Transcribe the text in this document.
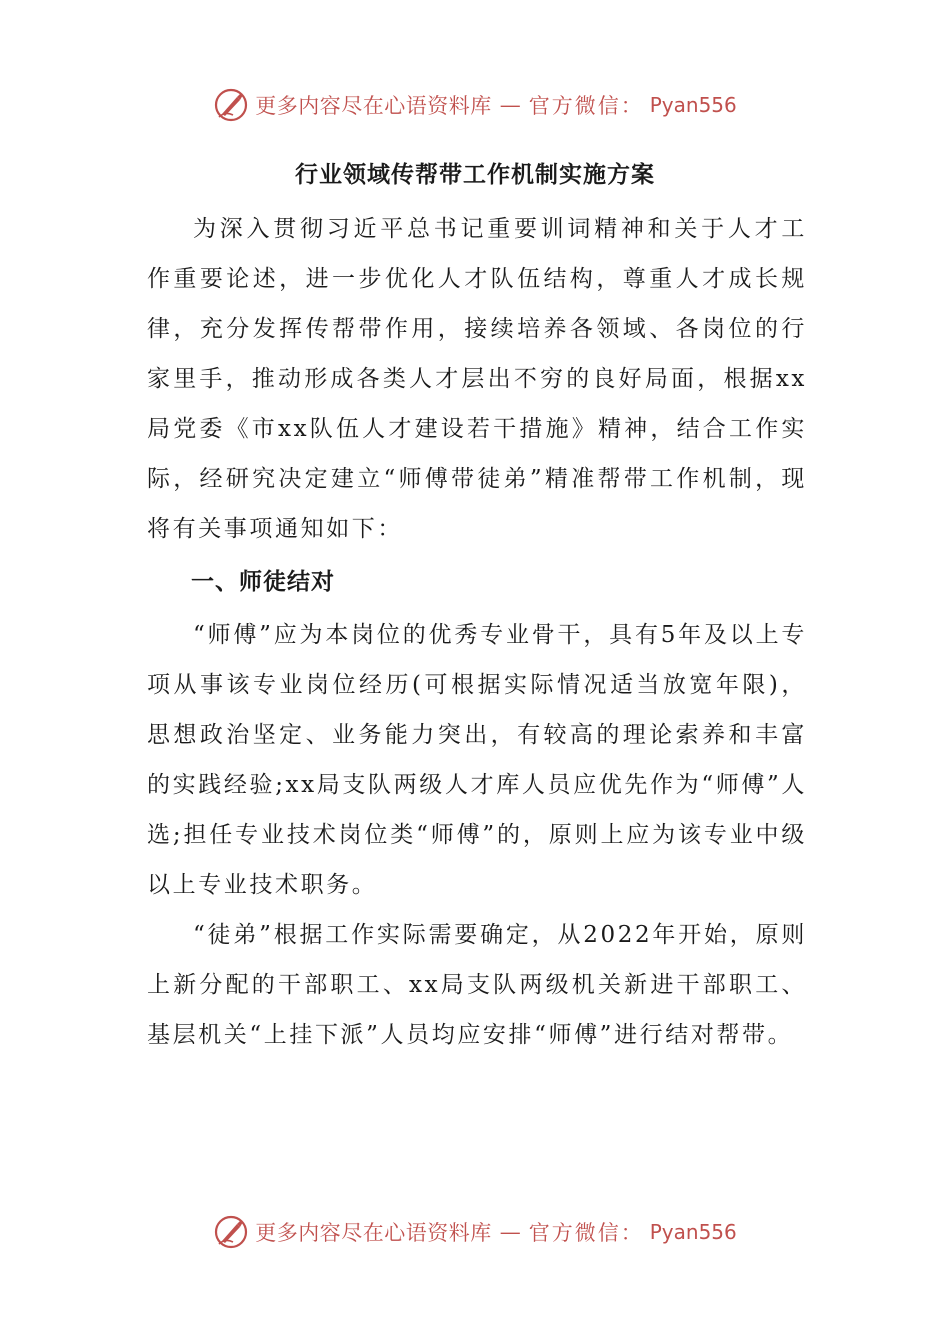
更多内容尽在心语资料库 — 官方微信： Pyan556
行业领域传帮带工作机制实施方案

为深入贯彻习近平总书记重要训词精神和关于人才工作重要论述，进一步优化人才队伍结构，尊重人才成长规律，充分发挥传帮带作用，接续培养各领域、各岗位的行家里手，推动形成各类人才层出不穷的良好局面，根据xx局党委《市xx队伍人才建设若干措施》精神，结合工作实际，经研究决定建立“师傅带徒弟”精准帮带工作机制，现将有关事项通知如下：

一、师徒结对

“师傅”应为本岗位的优秀专业骨干，具有5年及以上专项从事该专业岗位经历(可根据实际情况适当放宽年限)，思想政治坚定、业务能力突出，有较高的理论索养和丰富的实践经验;xx局支队两级人才库人员应优先作为“师傅”人选;担任专业技术岗位类“师傅”的，原则上应为该专业中级以上专业技术职务。

“徒弟”根据工作实际需要确定，从2022年开始，原则上新分配的干部职工、xx局支队两级机关新进干部职工、基层机关“上挂下派”人员均应安排“师傅”进行结对帮带。

更多内容尽在心语资料库 — 官方微信： Pyan556
